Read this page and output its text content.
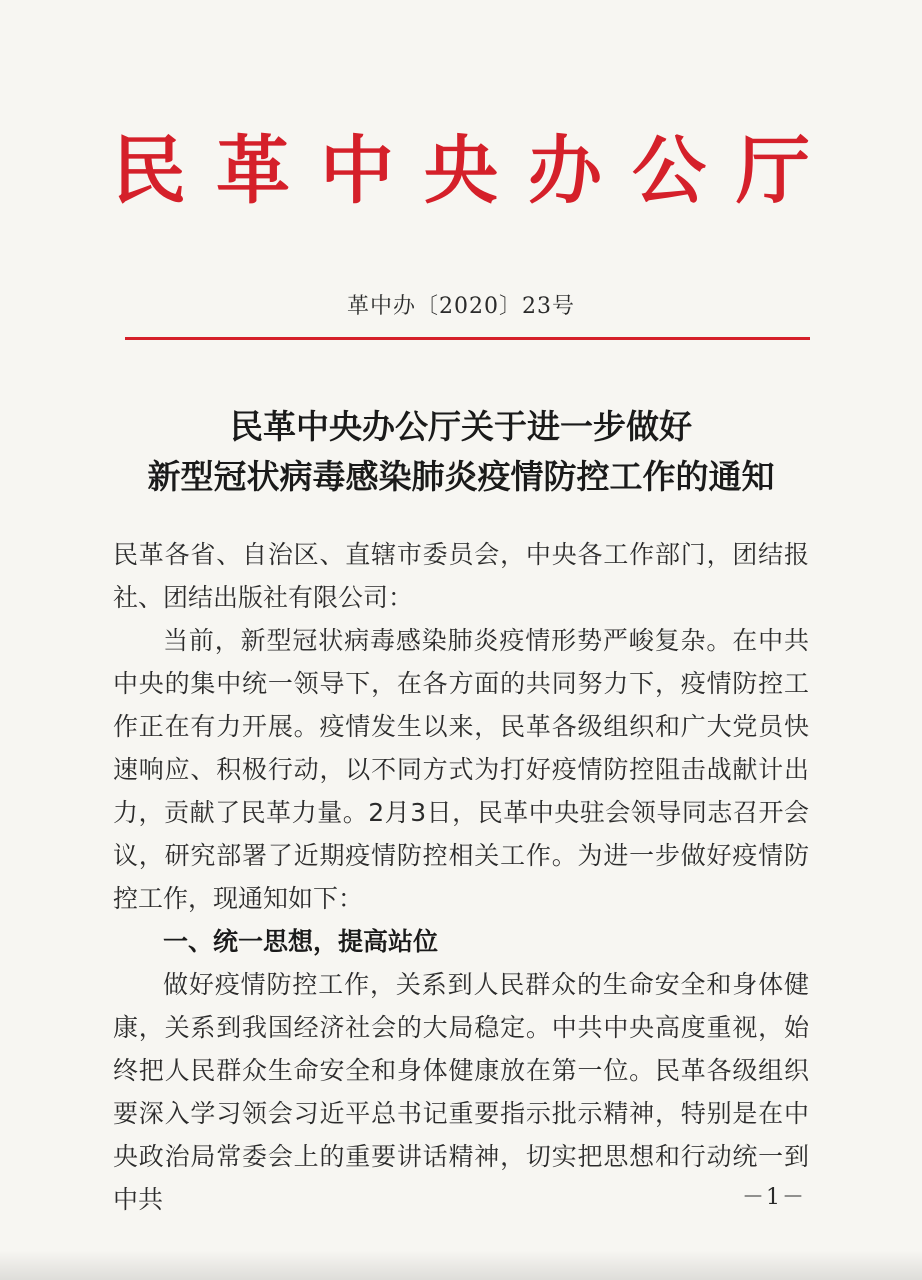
民革中央办公厅
革中办〔2020〕23号
民革中央办公厅关于进一步做好
新型冠状病毒感染肺炎疫情防控工作的通知

民革各省、自治区、直辖市委员会，中央各工作部门，团结报社、团结出版社有限公司：

当前，新型冠状病毒感染肺炎疫情形势严峻复杂。在中共中央的集中统一领导下，在各方面的共同努力下，疫情防控工作正在有力开展。疫情发生以来，民革各级组织和广大党员快速响应、积极行动，以不同方式为打好疫情防控阻击战献计出力，贡献了民革力量。2月3日，民革中央驻会领导同志召开会议，研究部署了近期疫情防控相关工作。为进一步做好疫情防控工作，现通知如下：

一、统一思想，提高站位

做好疫情防控工作，关系到人民群众的生命安全和身体健康，关系到我国经济社会的大局稳定。中共中央高度重视，始终把人民群众生命安全和身体健康放在第一位。民革各级组织要深入学习领会习近平总书记重要指示批示精神，特别是在中央政治局常委会上的重要讲话精神，切实把思想和行动统一到中共	－1－
